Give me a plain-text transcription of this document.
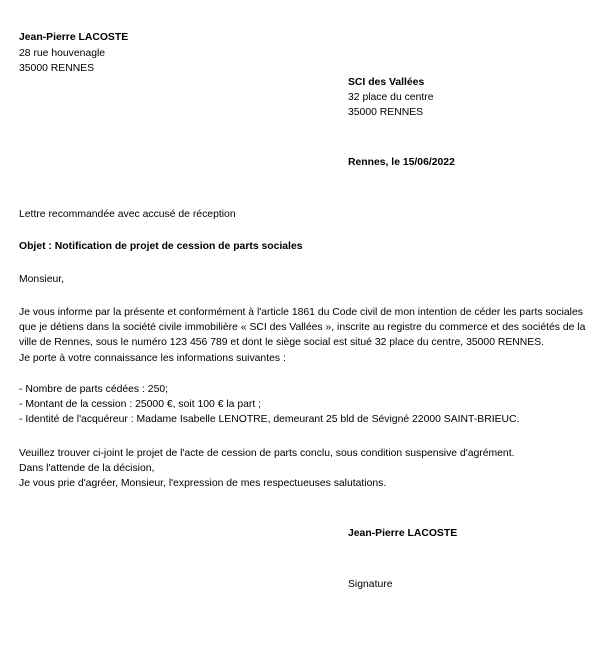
Jean-Pierre LACOSTE
28 rue houvenagle
35000 RENNES
SCI des Vallées
32 place du centre
35000 RENNES
Rennes, le 15/06/2022
Lettre recommandée avec accusé de réception
Objet : Notification de projet de cession de parts sociales
Monsieur,
Je vous informe par la présente et conformément à l'article 1861 du Code civil de mon intention de céder les parts sociales
que je détiens dans la société civile immobilière « SCI des Vallées », inscrite au registre du commerce et des sociétés de la
ville de Rennes, sous le numéro 123 456 789 et dont le siège social est situé 32 place du centre, 35000 RENNES.
Je porte à votre connaissance les informations suivantes :
- Nombre de parts cédées : 250;
- Montant de la cession : 25000 €, soit 100 € la part ;
- Identité de l'acquéreur : Madame Isabelle LENOTRE, demeurant 25 bld de Sévigné 22000 SAINT-BRIEUC.
Veuillez trouver ci-joint le projet de l'acte de cession de parts conclu, sous condition suspensive d'agrément.
Dans l'attende de la décision,
Je vous prie d'agréer, Monsieur, l'expression de mes respectueuses salutations.
Jean-Pierre LACOSTE
Signature
